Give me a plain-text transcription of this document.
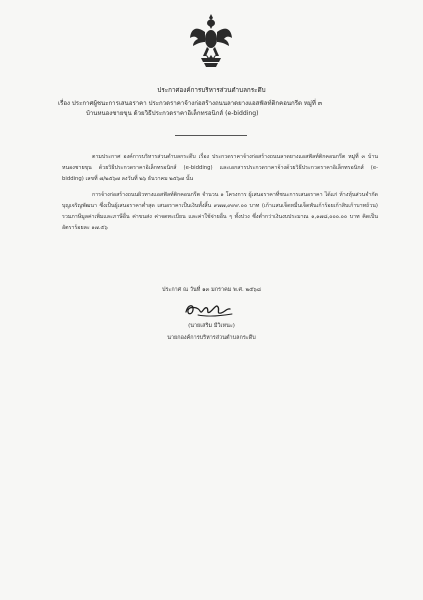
ประกาศองค์การบริหารส่วนตำบลกระดึบ
เรื่อง ประกาศผู้ชนะการเสนอราคา ประกวดราคาจ้างก่อสร้างถนนลาดยางแอสฟัลท์ติกคอนกรีต หมู่ที่ ๓
บ้านหนองชายขุน ด้วยวิธีประกวดราคาอิเล็กทรอนิกส์ (e-bidding)

ตามประกาศ องค์การบริหารส่วนตำบลกระดึบ เรื่อง ประกวดราคาจ้างก่อสร้างถนนลาดยางแอสฟัลท์ติกคอนกรีต หมู่ที่ ๓ บ้านหนองชายขุน ด้วยวิธีประกวดราคาอิเล็กทรอนิกส์ (e-bidding) และเอกสารประกวดราคาจ้างด้วยวิธีประกวดราคาอิเล็กทรอนิกส์ (e-bidding) เลขที่ ๗/๒๕๖๗ ลงวันที่ ๒๖ ธันวาคม ๒๕๖๗ นั้น

การจ้างก่อสร้างถนนผิวทางแอสฟัลท์ติกคอนกรีต จำนวน ๑ โครงการ ผู้เสนอราคาที่ชนะการเสนอราคา ได้แก่ ห้างหุ้นส่วนจำกัด บุญเจริญพัฒนา ซึ่งเป็นผู้เสนอราคาต่ำสุด เสนอราคาเป็นเงินทั้งสิ้น ๙๗๗,๙๙๙.๐๐ บาท (เก้าแสนเจ็ดหมื่นเจ็ดพันเก้าร้อยเก้าสิบเก้าบาทถ้วน) รวมภาษีมูลค่าเพิ่มและภาษีอื่น ค่าขนส่ง ค่าจดทะเบียน และค่าใช้จ่ายอื่น ๆ ทั้งปวง ซึ่งต่ำกว่าเงินงบประมาณ ๑,๑๗๘,๐๐๐.๐๐ บาท คิดเป็นอัตราร้อยละ ๑๗.๕๖

ประกาศ ณ วันที่ ๑๓ มกราคม พ.ศ. ๒๕๖๘
(นายเสริม มีวิเหนะ)
นายกองค์การบริหารส่วนตำบลกระดึบ
